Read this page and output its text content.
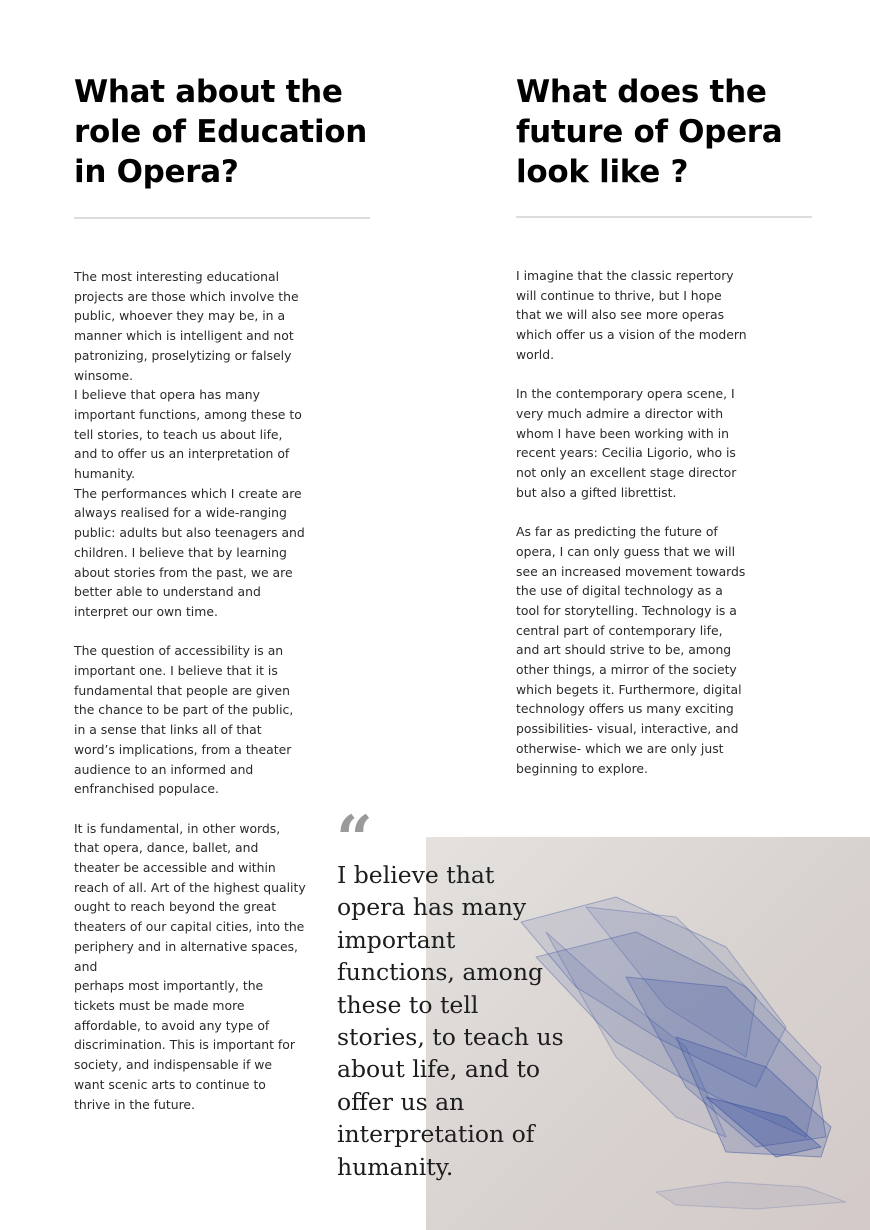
What about the role of Education in Opera?
What does the future of Opera look like ?

The most interesting educational projects are those which involve the public, whoever they may be, in a manner which is intelligent and not patronizing, proselytizing or falsely winsome.

I believe that opera has many important functions, among these to tell stories, to teach us about life, and to offer us an interpretation of humanity.

The performances which I create are always realised for a wide-ranging public: adults but also teenagers and children. I believe that by learning about stories from the past, we are better able to understand and interpret our own time.

The question of accessibility is an important one. I believe that it is fundamental that people are given the chance to be part of the public, in a sense that links all of that word’s implications, from a theater audience to an informed and enfranchised populace.

It is fundamental, in other words, that opera, dance, ballet, and theater be accessible and within reach of all. Art of the highest quality ought to reach beyond the great theaters of our capital cities, into the periphery and in alternative spaces, and

perhaps most importantly, the tickets must be made more affordable, to avoid any type of discrimination. This is important for society, and indispensable if we want scenic arts to continue to thrive in the future.

I imagine that the classic repertory will continue to thrive, but I hope that we will also see more operas which offer us a vision of the modern world.

In the contemporary opera scene, I very much admire a director with whom I have been working with in recent years: Cecilia Ligorio, who is not only an excellent stage director but also a gifted librettist.

As far as predicting the future of opera, I can only guess that we will see an increased movement towards the use of digital technology as a tool for storytelling. Technology is a central part of contemporary life, and art should strive to be, among other things, a mirror of the society which begets it. Furthermore, digital technology offers us many exciting possibilities- visual, interactive, and otherwise- which we are only just beginning to explore.

“

I believe that opera has many important functions, among these to tell stories, to teach us about life, and to offer us an interpretation of humanity.
